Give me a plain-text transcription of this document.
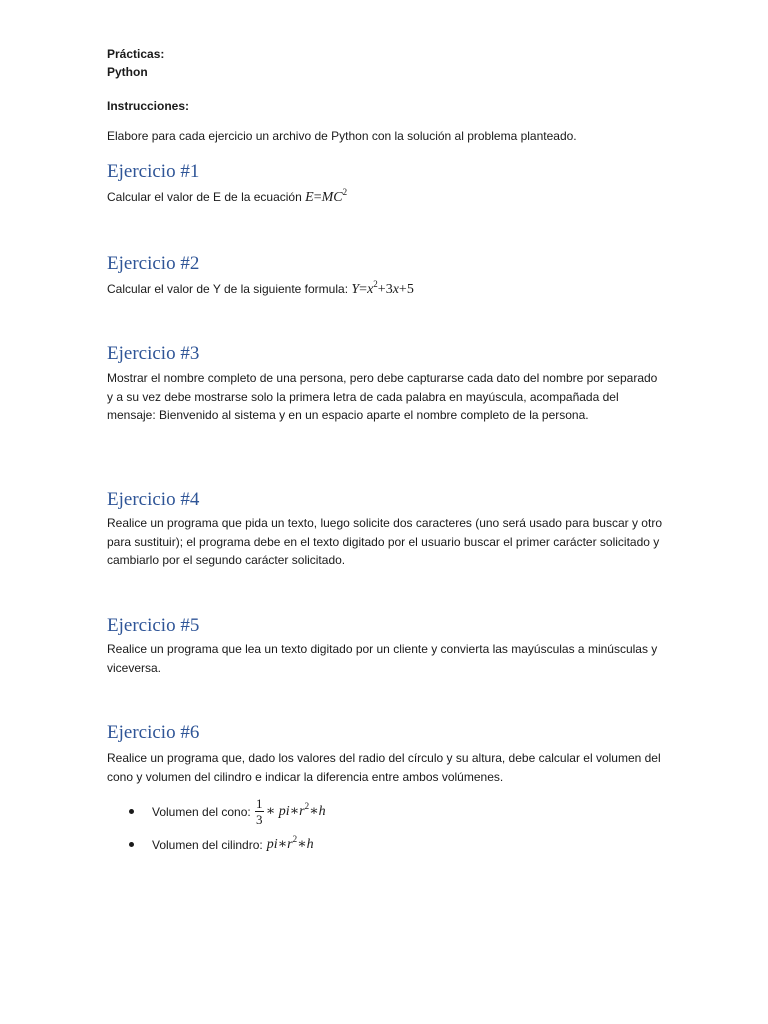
Prácticas:
Python
Instrucciones:
Elabore para cada ejercicio un archivo de Python con la solución al problema planteado.
Ejercicio #1
Calcular el valor de E de la ecuación $E=MC^2$
Ejercicio #2
Calcular el valor de Y de la siguiente formula: $Y=x^2+3x+5$
Ejercicio #3
Mostrar el nombre completo de una persona, pero debe capturarse cada dato del nombre por separado y a su vez debe mostrarse solo la primera letra de cada palabra en mayúscula, acompañada del mensaje: Bienvenido al sistema y en un espacio aparte el nombre completo de la persona.
Ejercicio #4
Realice un programa que pida un texto, luego solicite dos caracteres (uno será usado para buscar y otro para sustituir); el programa debe en el texto digitado por el usuario buscar el primer carácter solicitado y cambiarlo por el segundo carácter solicitado.
Ejercicio #5
Realice un programa que lea un texto digitado por un cliente y convierta las mayúsculas a minúsculas y viceversa.
Ejercicio #6
Realice un programa que, dado los valores del radio del círculo y su altura, debe calcular el volumen del cono y volumen del cilindro e indicar la diferencia entre ambos volúmenes.
Volumen del cono: $\frac{1}{3}$ ∗ $pi∗r^2∗h$
Volumen del cilindro: $pi∗r^2∗h$
